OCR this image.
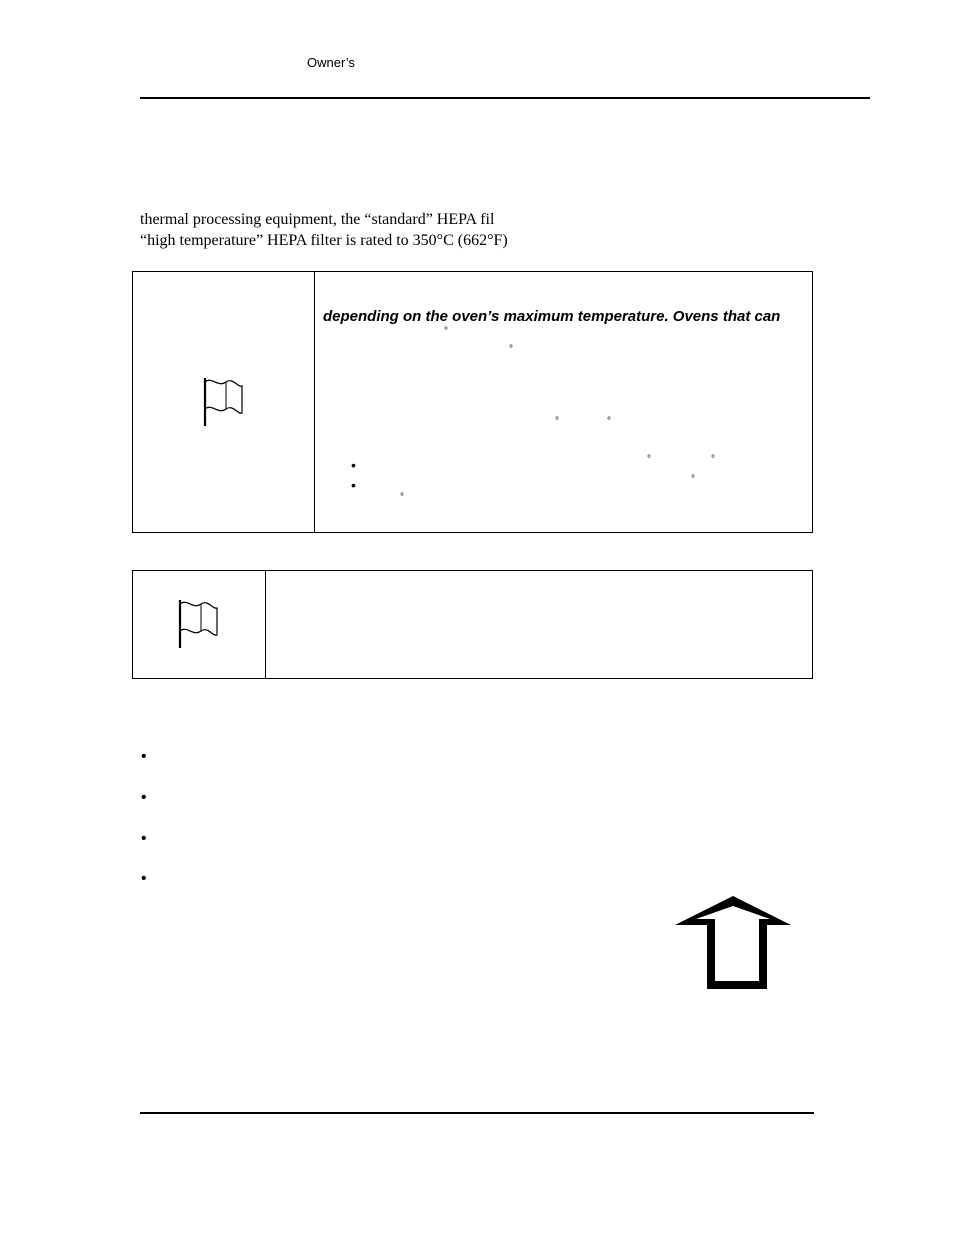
Owner’s
thermal processing equipment, the “standard” HEPA fil
“high temperature” HEPA filter is rated to 350°C (662°F)
depending on the oven’s maximum temperature. Ovens that can
°
°
°	°
°	°
°
°
•
•
•
•
•
•
